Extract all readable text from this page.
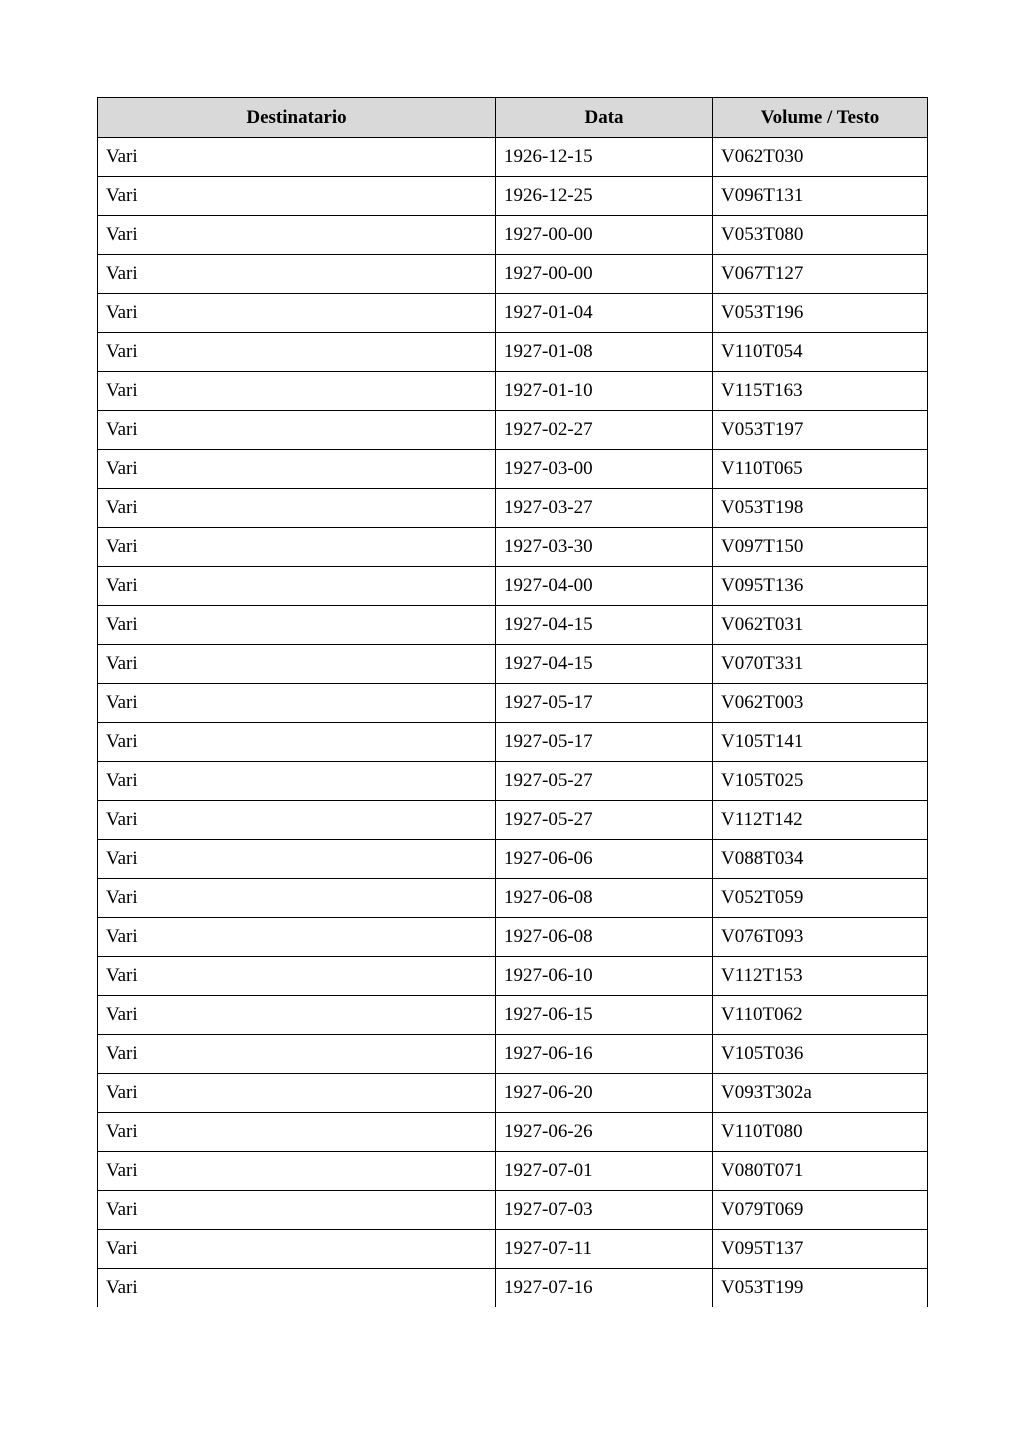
Destinatario	Data	Volume / Testo
Vari	1926-12-15	V062T030
Vari	1926-12-25	V096T131
Vari	1927-00-00	V053T080
Vari	1927-00-00	V067T127
Vari	1927-01-04	V053T196
Vari	1927-01-08	V110T054
Vari	1927-01-10	V115T163
Vari	1927-02-27	V053T197
Vari	1927-03-00	V110T065
Vari	1927-03-27	V053T198
Vari	1927-03-30	V097T150
Vari	1927-04-00	V095T136
Vari	1927-04-15	V062T031
Vari	1927-04-15	V070T331
Vari	1927-05-17	V062T003
Vari	1927-05-17	V105T141
Vari	1927-05-27	V105T025
Vari	1927-05-27	V112T142
Vari	1927-06-06	V088T034
Vari	1927-06-08	V052T059
Vari	1927-06-08	V076T093
Vari	1927-06-10	V112T153
Vari	1927-06-15	V110T062
Vari	1927-06-16	V105T036
Vari	1927-06-20	V093T302a
Vari	1927-06-26	V110T080
Vari	1927-07-01	V080T071
Vari	1927-07-03	V079T069
Vari	1927-07-11	V095T137
Vari	1927-07-16	V053T199
